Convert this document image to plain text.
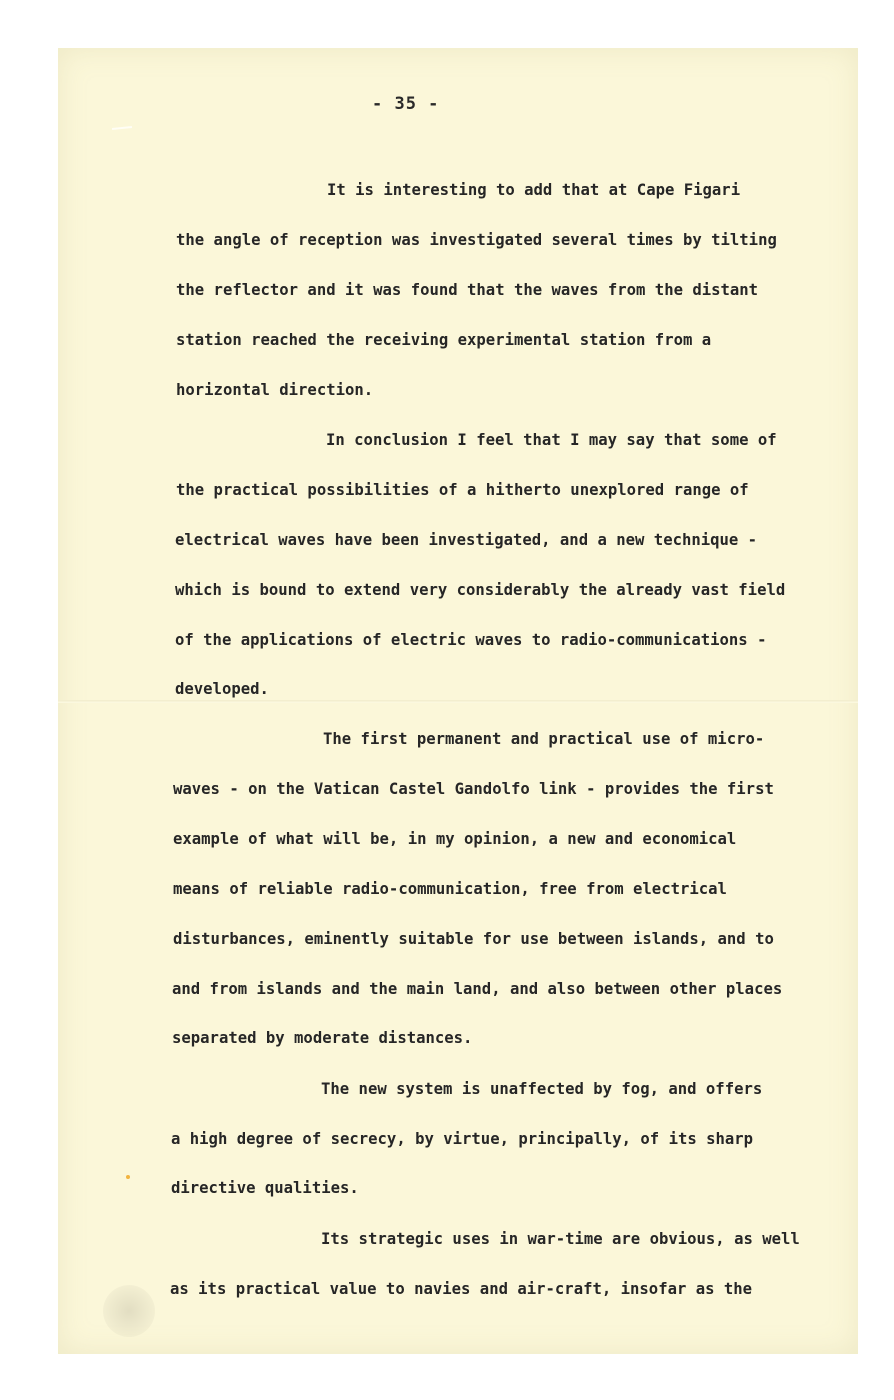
- 35 -

It is interesting to add that at Cape Figari

the angle of reception was investigated several times by tilting

the reflector and it was found that the waves from the distant

station reached the receiving experimental station from a

horizontal direction.

In conclusion I feel that I may say that some of

the practical possibilities of a hitherto unexplored range of

electrical waves have been investigated, and a new technique -

which is bound to extend very considerably the already vast field

of the applications of electric waves to radio-communications -

developed.

The first permanent and practical use of micro-

waves - on the Vatican Castel Gandolfo link - provides the first

example of what will be, in my opinion, a new and economical

means of reliable radio-communication, free from electrical

disturbances, eminently suitable for use between islands, and to

and from islands and the main land, and also between other places

separated by moderate distances.

The new system is unaffected by fog, and offers

a high degree of secrecy, by virtue, principally, of its sharp

directive qualities.

Its strategic uses in war-time are obvious, as well

as its practical value to navies and air-craft, insofar as the
